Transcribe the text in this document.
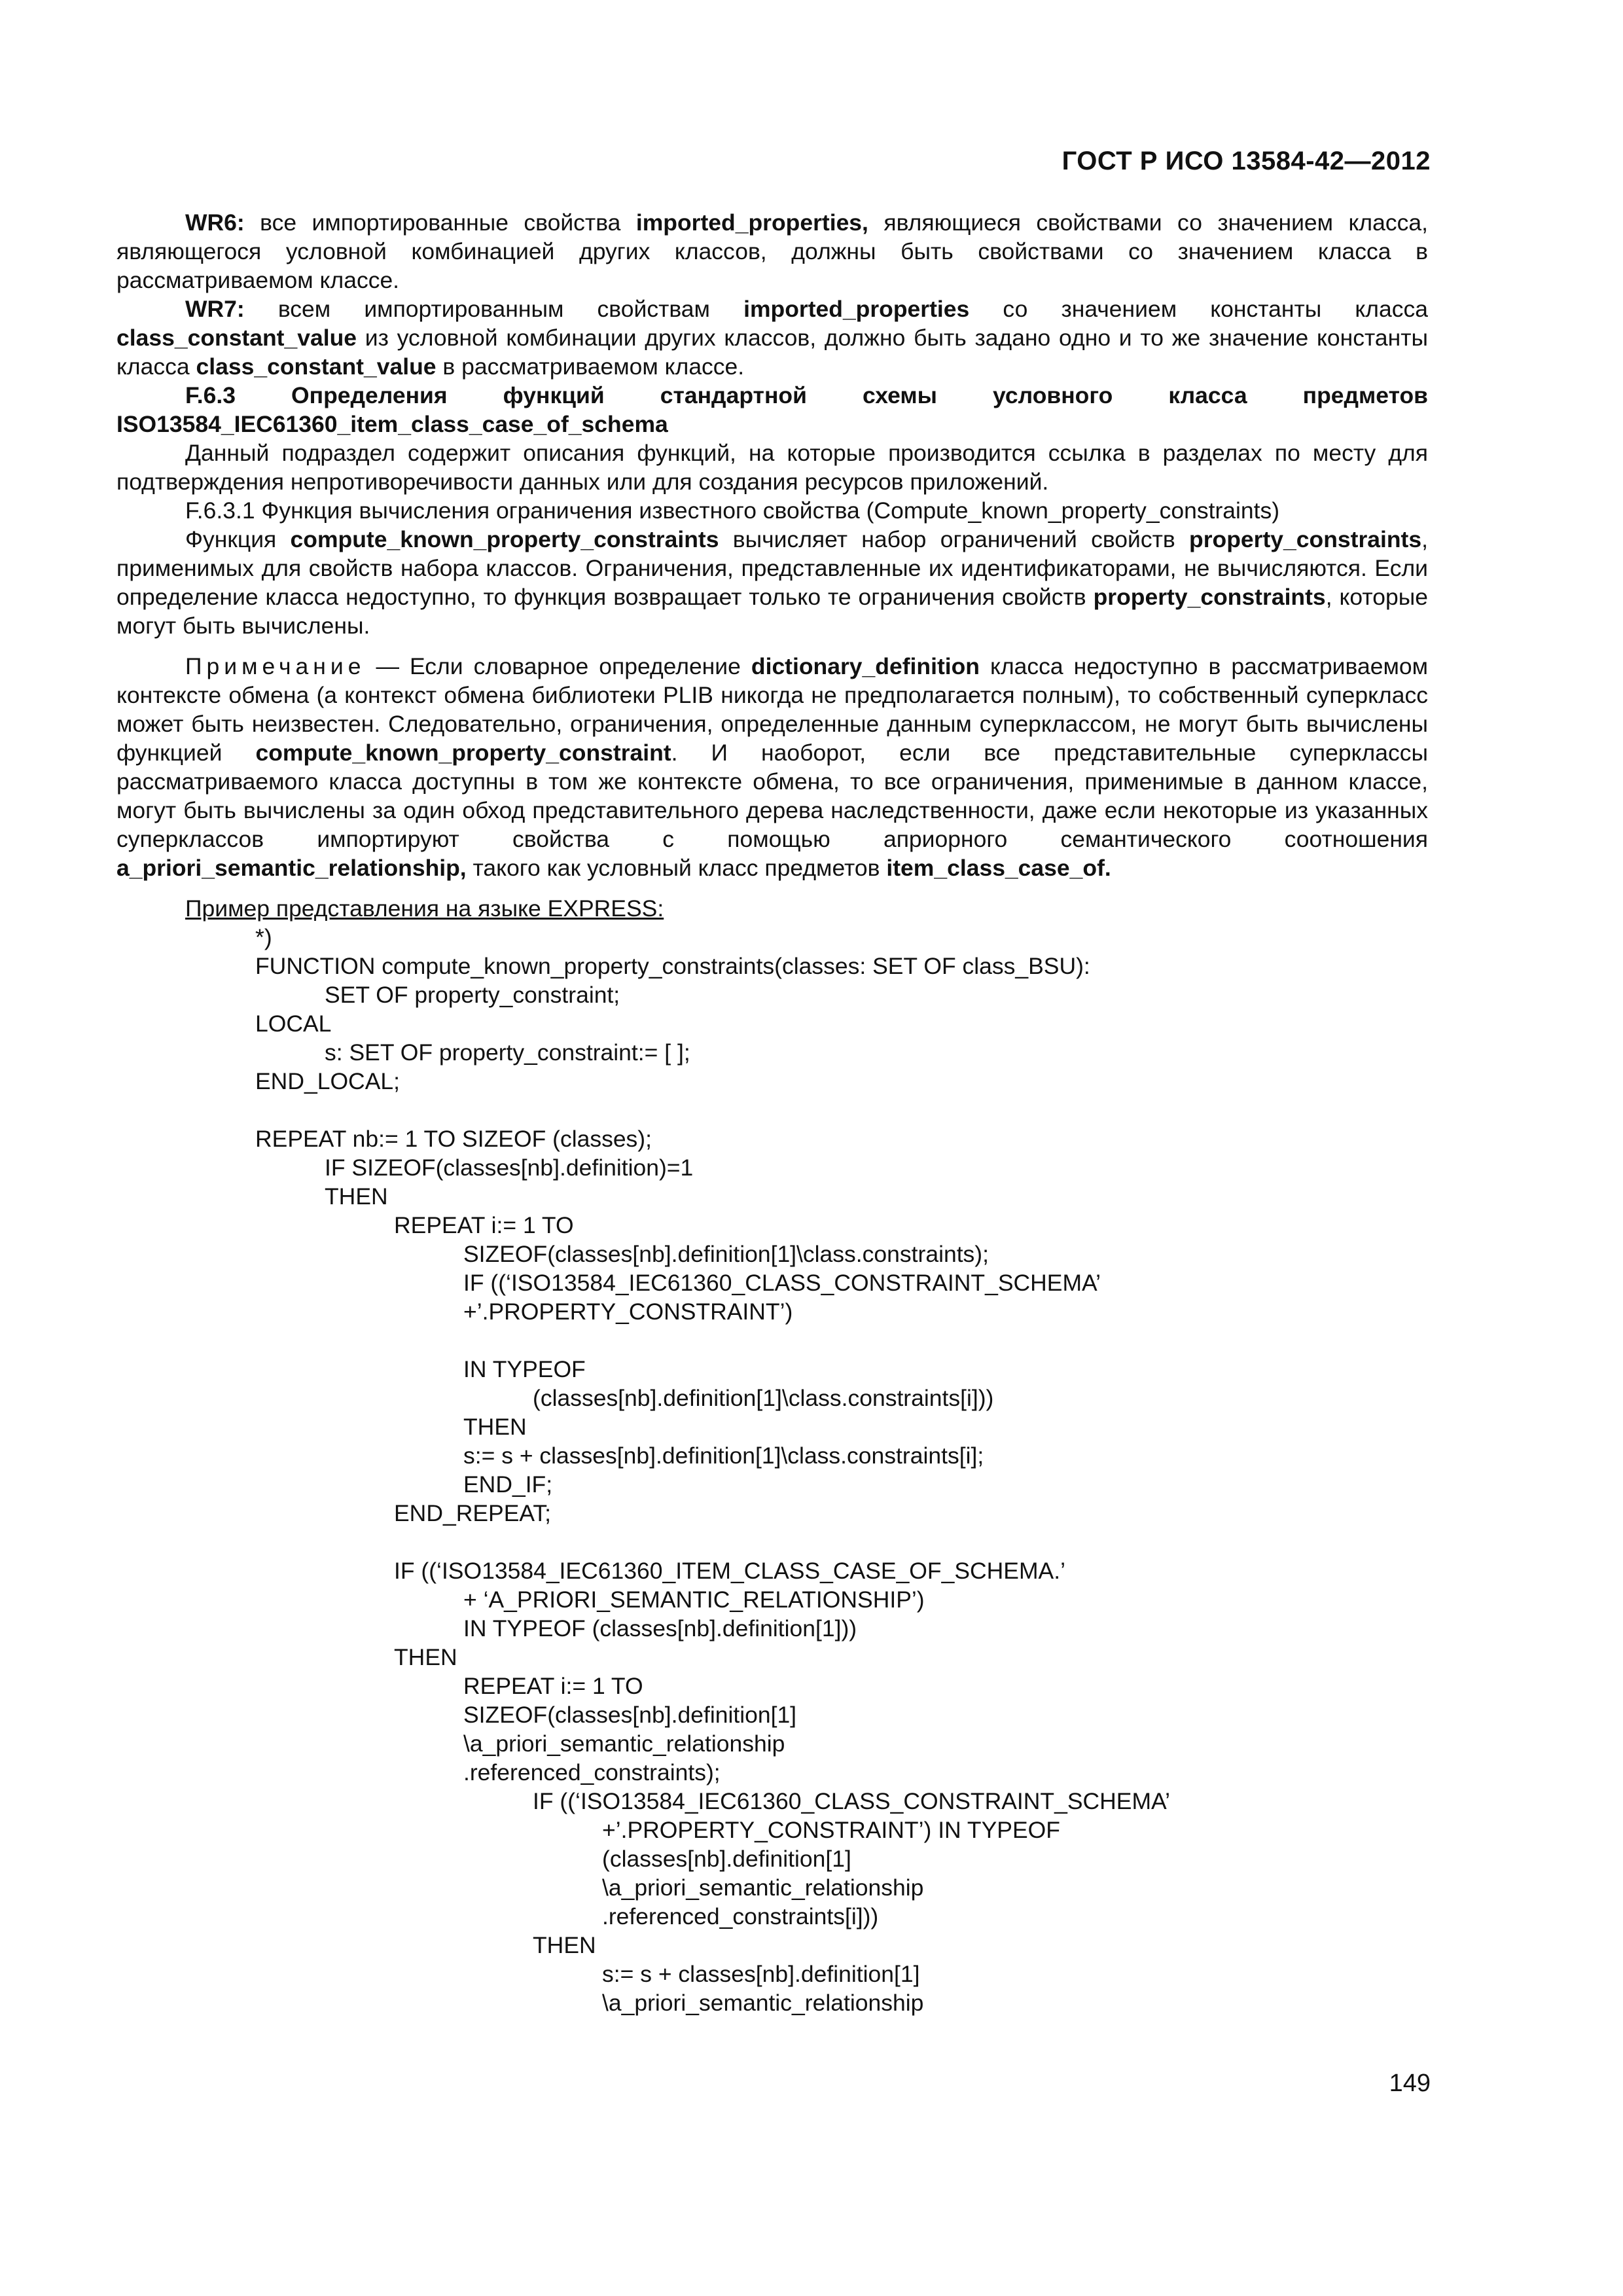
ГОСТ Р ИСО 13584-42—2012

WR6: все импортированные свойства imported_properties, являющиеся свойствами со значением класса, являющегося условной комбинацией других классов, должны быть свойствами со значением класса в рассматриваемом классе.

WR7: всем импортированным свойствам imported_properties со значением константы класса class_constant_value из условной комбинации других классов, должно быть задано одно и то же значение константы класса class_constant_value в рассматриваемом классе.

F.6.3 Определения функций стандартной схемы условного класса предметов ISO13584_IEC61360_item_class_case_of_schema

Данный подраздел содержит описания функций, на которые производится ссылка в разделах по месту для подтверждения непротиворечивости данных или для создания ресурсов приложений.

F.6.3.1 Функция вычисления ограничения известного свойства (Compute_known_property_constraints)

Функция compute_known_property_constraints вычисляет набор ограничений свойств property_constraints, применимых для свойств набора классов. Ограничения, представленные их идентификаторами, не вычисляются. Если определение класса недоступно, то функция возвращает только те ограничения свойств property_constraints, которые могут быть вычислены.

Примечание — Если словарное определение dictionary_definition класса недоступно в рассматриваемом контексте обмена (а контекст обмена библиотеки PLIB никогда не предполагается полным), то собственный суперкласс может быть неизвестен. Следовательно, ограничения, определенные данным суперклассом, не могут быть вычислены функцией compute_known_property_constraint. И наоборот, если все представительные суперклассы рассматриваемого класса доступны в том же контексте обмена, то все ограничения, применимые в данном классе, могут быть вычислены за один обход представительного дерева наследственности, даже если некоторые из указанных суперклассов импортируют свойства с помощью априорного семантического соотношения a_priori_semantic_relationship, такого как условный класс предметов item_class_case_of.

Пример представления на языке EXPRESS:
*)
FUNCTION compute_known_property_constraints(classes: SET OF class_BSU):
SET OF property_constraint;
LOCAL
s: SET OF property_constraint:= [ ];
END_LOCAL;
REPEAT nb:= 1 TO SIZEOF (classes);
IF SIZEOF(classes[nb].definition)=1
THEN
REPEAT i:= 1 TO
SIZEOF(classes[nb].definition[1]\class.constraints);
IF ((‘ISO13584_IEC61360_CLASS_CONSTRAINT_SCHEMA’
+’.PROPERTY_CONSTRAINT’)
IN TYPEOF
(classes[nb].definition[1]\class.constraints[i]))
THEN
s:= s + classes[nb].definition[1]\class.constraints[i];
END_IF;
END_REPEAT;
IF ((‘ISO13584_IEC61360_ITEM_CLASS_CASE_OF_SCHEMA.’
+ ‘A_PRIORI_SEMANTIC_RELATIONSHIP’)
IN TYPEOF (classes[nb].definition[1]))
THEN
REPEAT i:= 1 TO
SIZEOF(classes[nb].definition[1]
\a_priori_semantic_relationship
.referenced_constraints);
IF ((‘ISO13584_IEC61360_CLASS_CONSTRAINT_SCHEMA’
+’.PROPERTY_CONSTRAINT’) IN TYPEOF
(classes[nb].definition[1]
\a_priori_semantic_relationship
.referenced_constraints[i]))
THEN
s:= s + classes[nb].definition[1]
\a_priori_semantic_relationship
149
